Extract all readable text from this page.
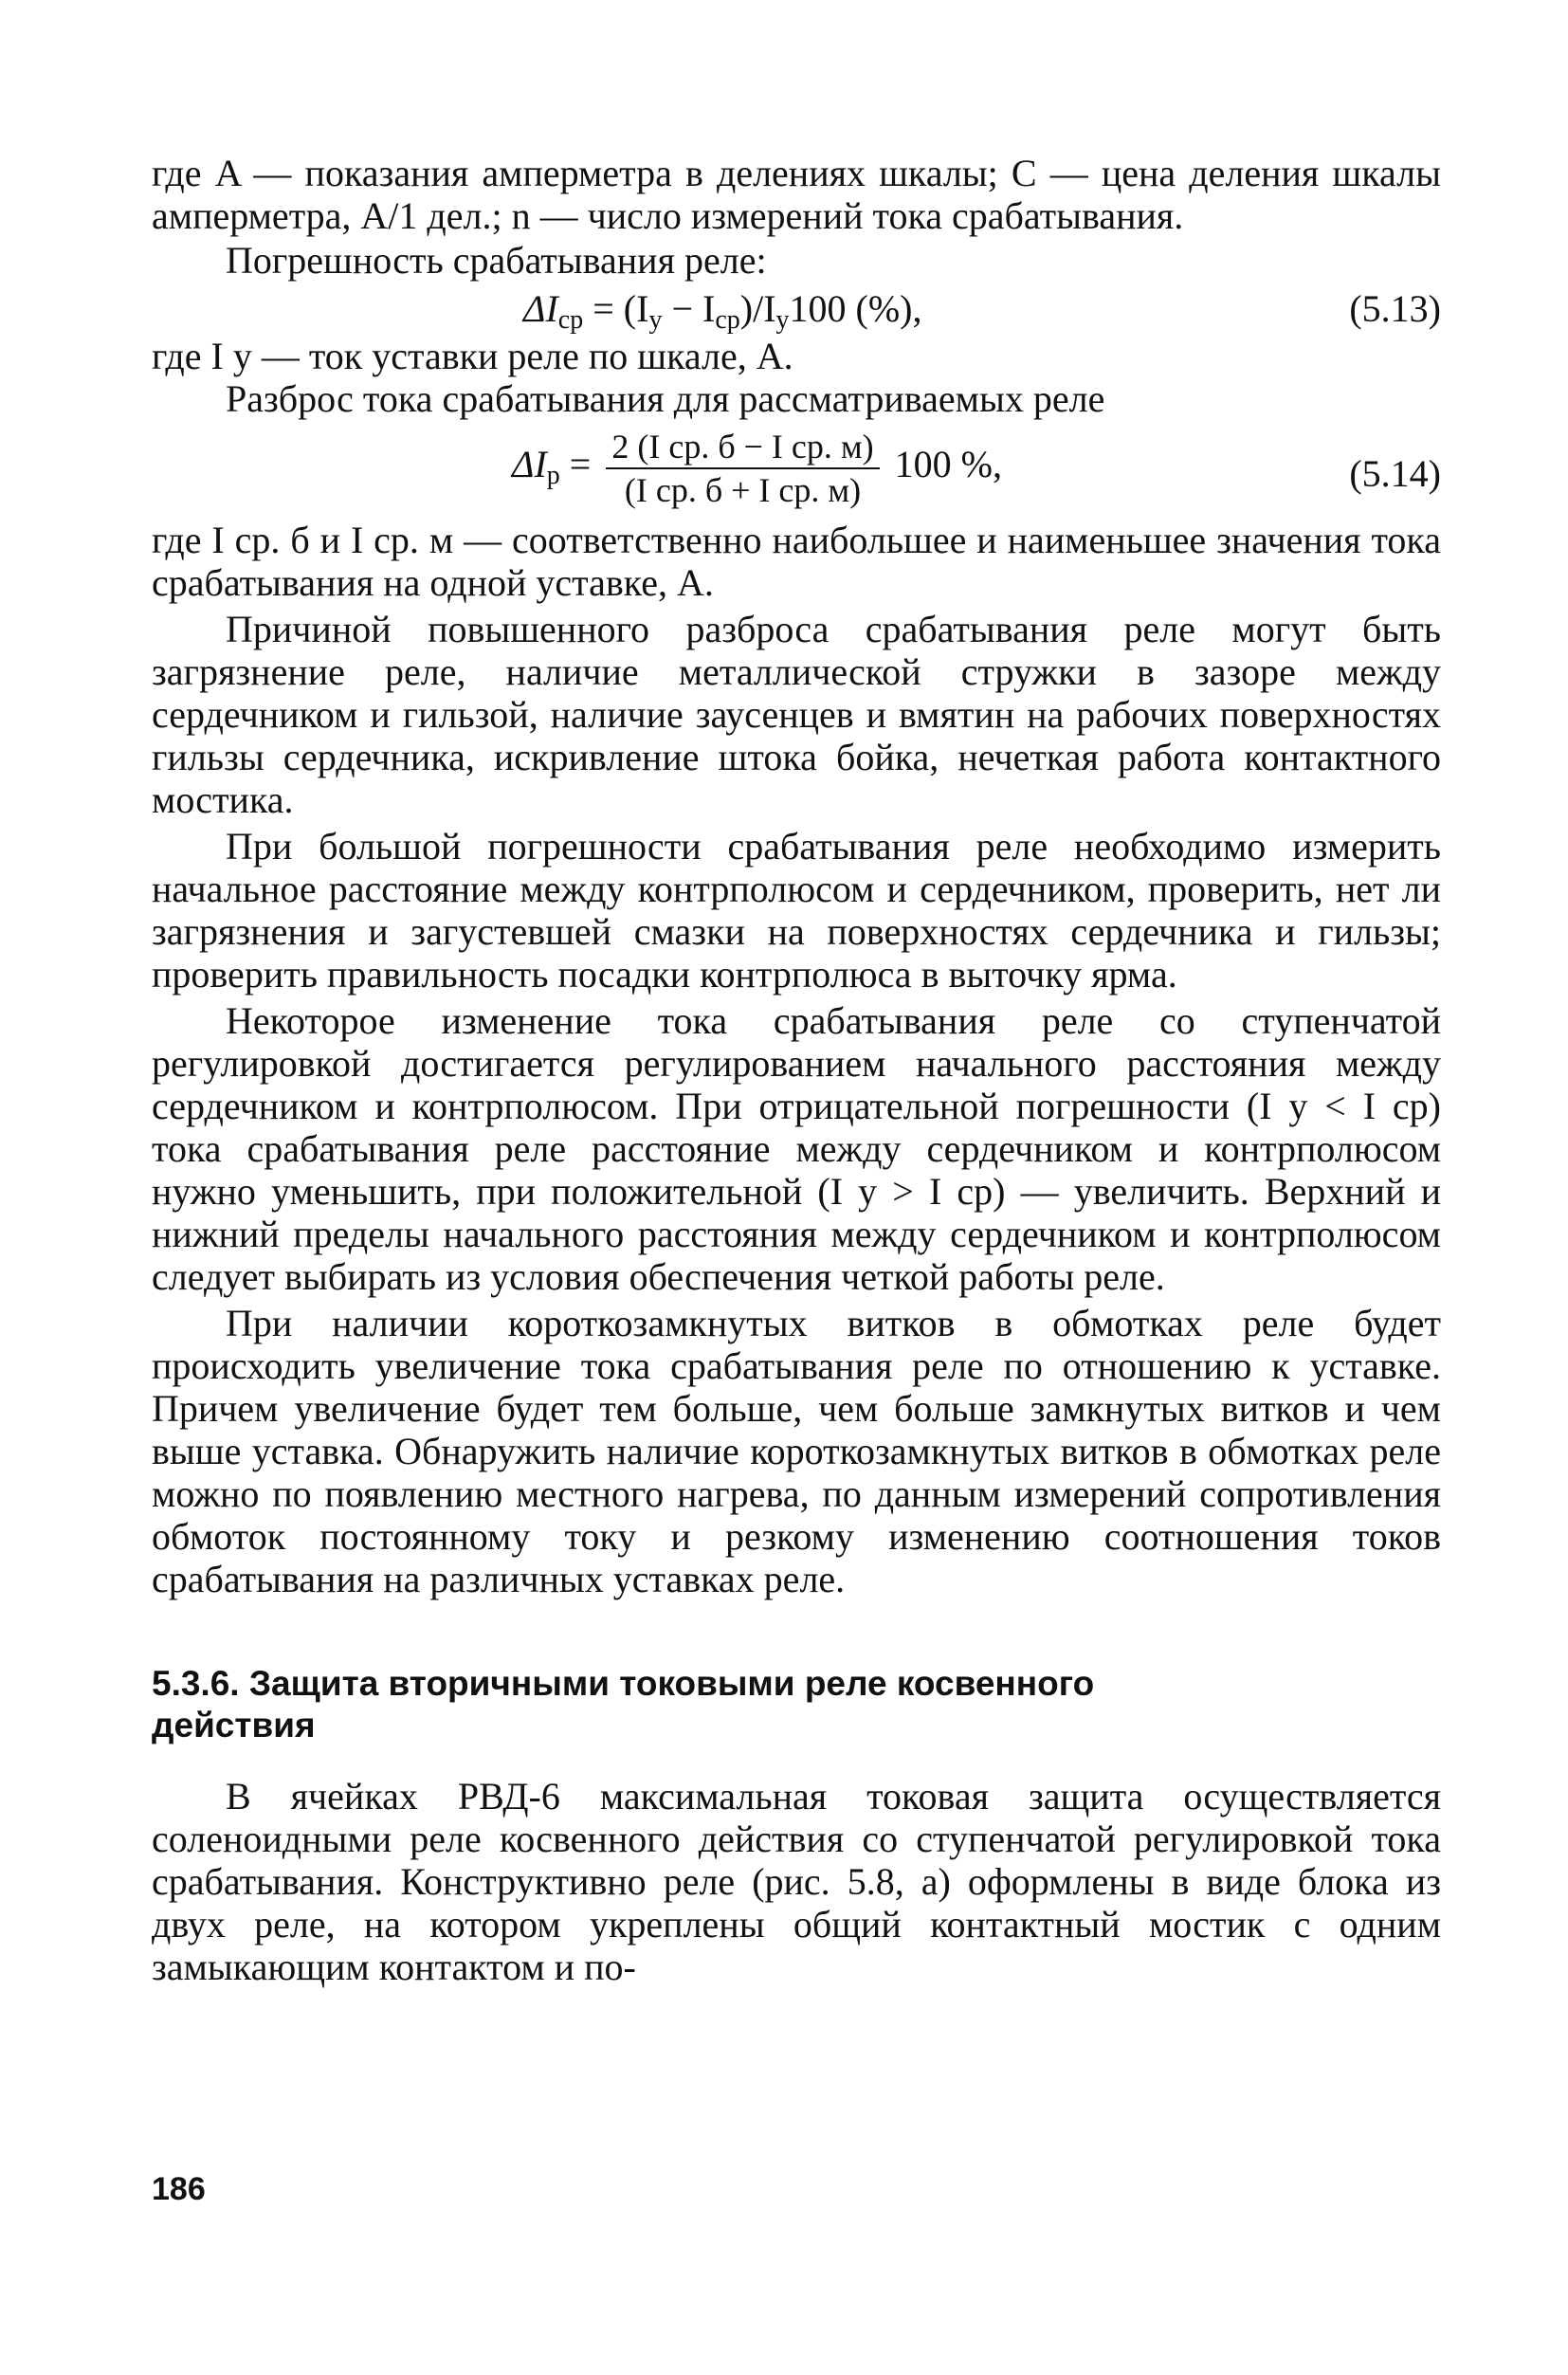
где A — показания амперметра в делениях шкалы; C — цена деления шкалы амперметра, А/1 дел.; n — число измерений тока срабатывания.

Погрешность срабатывания реле:

$\Delta I_{ср} = (I_у - I_{ср})/I_у100$ (%),	(5.13)

где I у — ток уставки реле по шкале, А.

Разброс тока срабатывания для рассматриваемых реле

$\Delta I_р = \frac{\text{2 (I ср. б − I ср. м)}}{\text{(I ср. б + I ср. м)}} 100$ %,	(5.14)

где I ср. б и I ср. м — соответственно наибольшее и наименьшее значения тока срабатывания на одной уставке, А.

Причиной повышенного разброса срабатывания реле могут быть загрязнение реле, наличие металлической стружки в зазоре между сердечником и гильзой, наличие заусенцев и вмятин на рабочих поверхностях гильзы сердечника, искривление штока бойка, нечеткая работа контактного мостика.

При большой погрешности срабатывания реле необходимо измерить начальное расстояние между контрполюсом и сердечником, проверить, нет ли загрязнения и загустевшей смазки на поверхностях сердечника и гильзы; проверить правильность посадки контрполюса в выточку ярма.

Некоторое изменение тока срабатывания реле со ступенчатой регулировкой достигается регулированием начального расстояния между сердечником и контрполюсом. При отрицательной погрешности (I у < I ср) тока срабатывания реле расстояние между сердечником и контрполюсом нужно уменьшить, при положительной (I у > I ср) — увеличить. Верхний и нижний пределы начального расстояния между сердечником и контрполюсом следует выбирать из условия обеспечения четкой работы реле.

При наличии короткозамкнутых витков в обмотках реле будет происходить увеличение тока срабатывания реле по отношению к уставке. Причем увеличение будет тем больше, чем больше замкнутых витков и чем выше уставка. Обнаружить наличие короткозамкнутых витков в обмотках реле можно по появлению местного нагрева, по данным измерений сопротивления обмоток постоянному току и резкому изменению соотношения токов срабатывания на различных уставках реле.

5.3.6. Защита вторичными токовыми реле косвенного действия

В ячейках РВД-6 максимальная токовая защита осуществляется соленоидными реле косвенного действия со ступенчатой регулировкой тока срабатывания. Конструктивно реле (рис. 5.8, а) оформлены в виде блока из двух реле, на котором укреплены общий контактный мостик с одним замыкающим контактом и по-

186
